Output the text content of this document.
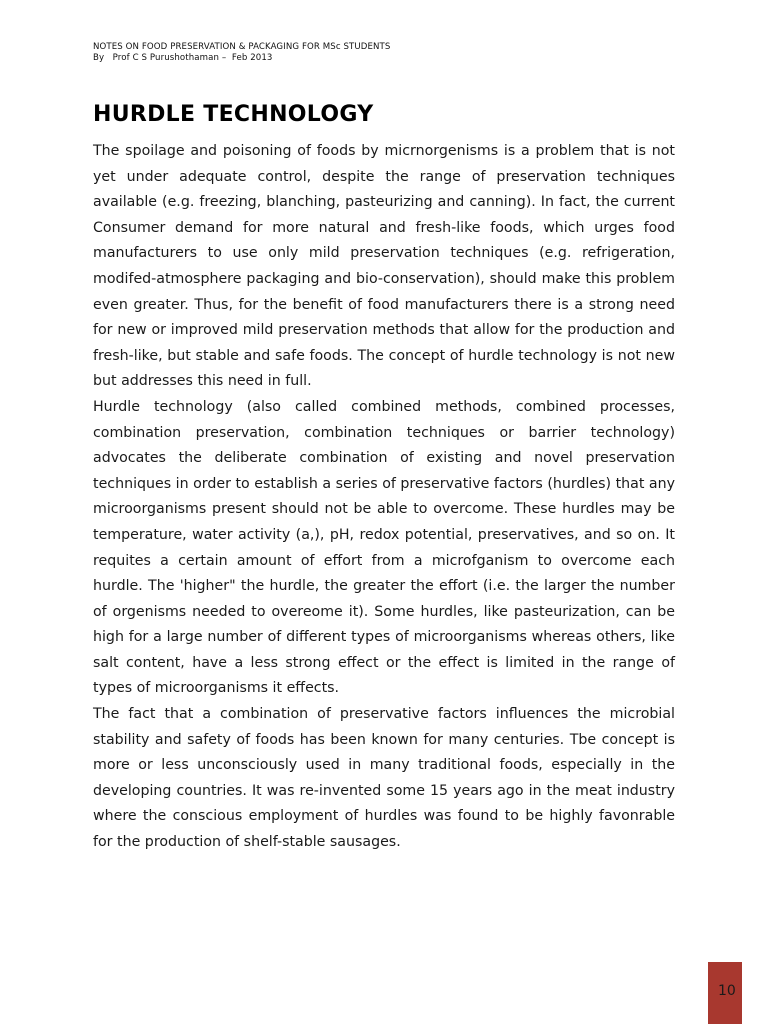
NOTES ON FOOD PRESERVATION & PACKAGING FOR MSc STUDENTS
By   Prof C S Purushothaman –  Feb 2013
HURDLE TECHNOLOGY

The spoilage and poisoning of foods by micrnorgenisms is a problem that is not yet under adequate control, despite the range of preservation techniques available (e.g. freezing, blanching, pasteurizing and canning). In fact, the current Consumer demand for more natural and fresh-like foods, which urges food manufacturers to use only mild preservation techniques (e.g. refrigeration, modifed-atmosphere packaging and bio-conservation), should make this problem even greater. Thus, for the benefit of food manufacturers there is a strong need for new or improved mild preservation methods that allow for the production and fresh-like, but stable and safe foods. The concept of hurdle technology is not new but addresses this need in full.

Hurdle technology (also called combined methods, combined processes, combination preservation, combination techniques or barrier technology) advocates the deliberate combination of existing and novel preservation techniques in order to establish a series of preservative factors (hurdles) that any microorganisms present should not be able to overcome. These hurdles may be temperature, water activity (a,), pH, redox potential, preservatives, and so on. It requites a certain amount of effort from a microfganism to overcome each hurdle. The 'higher" the hurdle, the greater the effort (i.e. the larger the number of orgenisms needed to overeome it). Some hurdles, like pasteurization, can be high for a large number of different types of microorganisms whereas others, like salt content, have a less strong effect or the effect is limited in the range of types of microorganisms it effects.

The fact that a combination of preservative factors influences the microbial stability and safety of foods has been known for many centuries. Tbe concept is more or less unconsciously used in many traditional foods, especially in the developing countries. It was re-invented some 15 years ago in the meat industry where the conscious employment of hurdles was found to be highly favonrable for the production of shelf-stable sausages.

10
